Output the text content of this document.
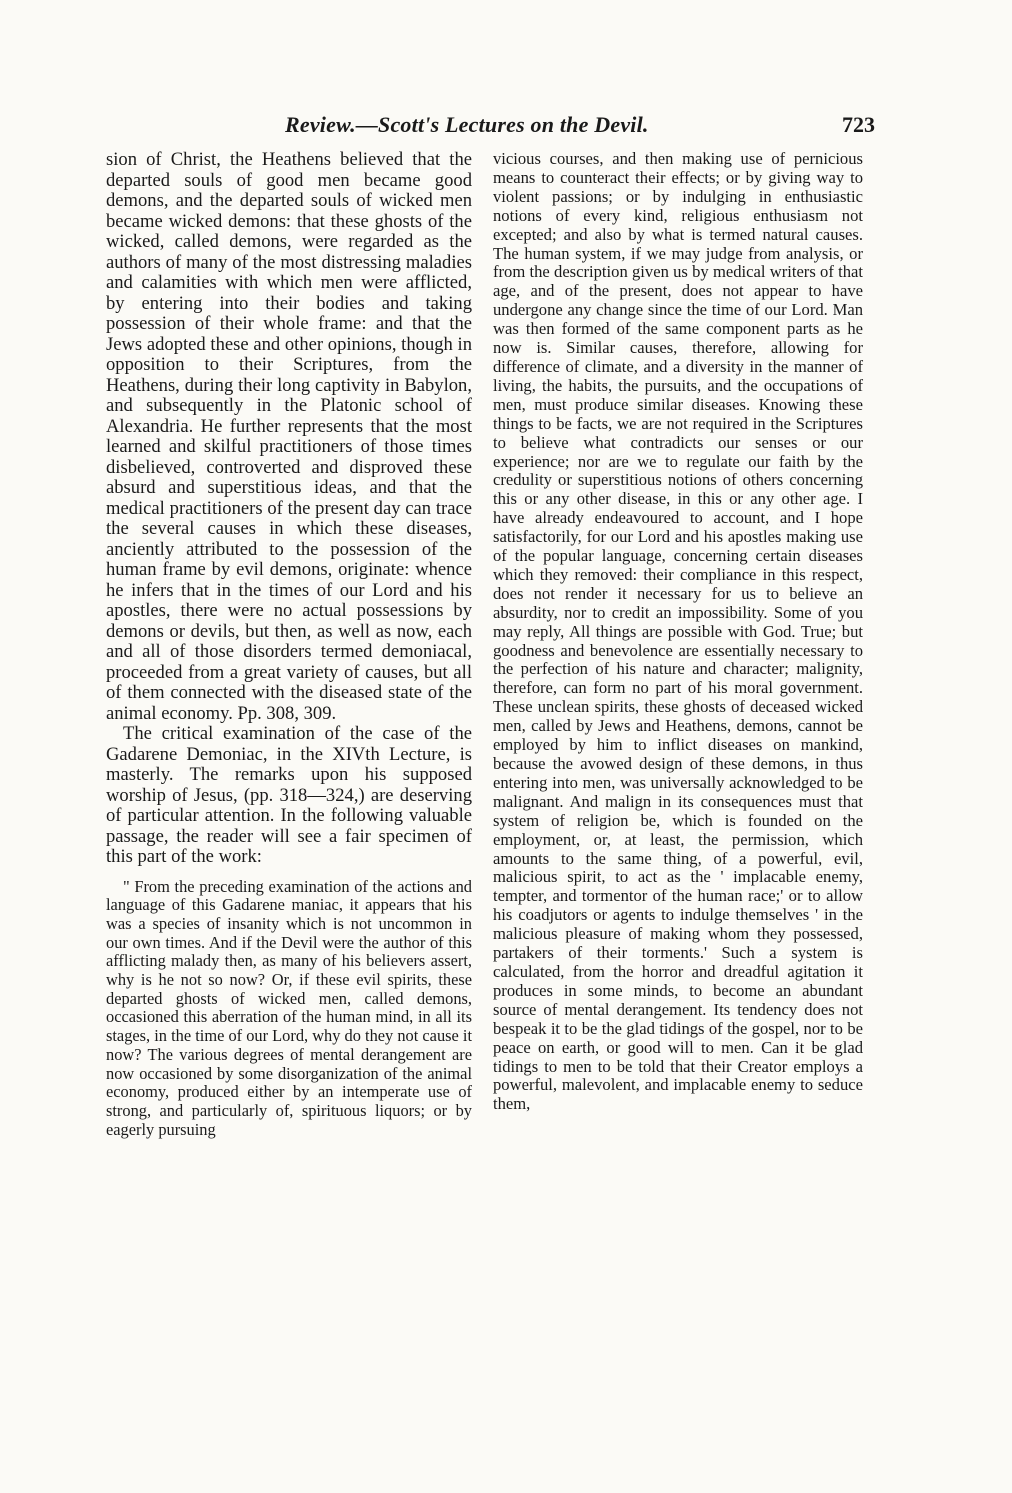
Review.—Scott's Lectures on the Devil.	723

sion of Christ, the Heathens believed that the departed souls of good men became good demons, and the departed souls of wicked men became wicked demons: that these ghosts of the wicked, called demons, were regarded as the authors of many of the most distressing maladies and calamities with which men were afflicted, by entering into their bodies and taking possession of their whole frame: and that the Jews adopted these and other opinions, though in opposition to their Scriptures, from the Heathens, during their long captivity in Babylon, and subsequently in the Platonic school of Alexandria. He further represents that the most learned and skilful practitioners of those times disbelieved, controverted and disproved these absurd and superstitious ideas, and that the medical practitioners of the present day can trace the several causes in which these diseases, anciently attributed to the possession of the human frame by evil demons, originate: whence he infers that in the times of our Lord and his apostles, there were no actual possessions by demons or devils, but then, as well as now, each and all of those disorders termed demoniacal, proceeded from a great variety of causes, but all of them connected with the diseased state of the animal economy. Pp. 308, 309.

The critical examination of the case of the Gadarene Demoniac, in the XIVth Lecture, is masterly. The remarks upon his supposed worship of Jesus, (pp. 318—324,) are deserving of particular attention. In the following valuable passage, the reader will see a fair specimen of this part of the work:

" From the preceding examination of the actions and language of this Gadarene maniac, it appears that his was a species of insanity which is not uncommon in our own times. And if the Devil were the author of this afflicting malady then, as many of his believers assert, why is he not so now? Or, if these evil spirits, these departed ghosts of wicked men, called demons, occasioned this aberration of the human mind, in all its stages, in the time of our Lord, why do they not cause it now? The various degrees of mental derangement are now occasioned by some disorganization of the animal economy, produced either by an intemperate use of strong, and particularly of, spirituous liquors; or by eagerly pursuing

vicious courses, and then making use of pernicious means to counteract their effects; or by giving way to violent passions; or by indulging in enthusiastic notions of every kind, religious enthusiasm not excepted; and also by what is termed natural causes. The human system, if we may judge from analysis, or from the description given us by medical writers of that age, and of the present, does not appear to have undergone any change since the time of our Lord. Man was then formed of the same component parts as he now is. Similar causes, therefore, allowing for difference of climate, and a diversity in the manner of living, the habits, the pursuits, and the occupations of men, must produce similar diseases. Knowing these things to be facts, we are not required in the Scriptures to believe what contradicts our senses or our experience; nor are we to regulate our faith by the credulity or superstitious notions of others concerning this or any other disease, in this or any other age. I have already endeavoured to account, and I hope satisfactorily, for our Lord and his apostles making use of the popular language, concerning certain diseases which they removed: their compliance in this respect, does not render it necessary for us to believe an absurdity, nor to credit an impossibility. Some of you may reply, All things are possible with God. True; but goodness and benevolence are essentially necessary to the perfection of his nature and character; malignity, therefore, can form no part of his moral government. These unclean spirits, these ghosts of deceased wicked men, called by Jews and Heathens, demons, cannot be employed by him to inflict diseases on mankind, because the avowed design of these demons, in thus entering into men, was universally acknowledged to be malignant. And malign in its consequences must that system of religion be, which is founded on the employment, or, at least, the permission, which amounts to the same thing, of a powerful, evil, malicious spirit, to act as the ' implacable enemy, tempter, and tormentor of the human race;' or to allow his coadjutors or agents to indulge themselves ' in the malicious pleasure of making whom they possessed, partakers of their torments.' Such a system is calculated, from the horror and dreadful agitation it produces in some minds, to become an abundant source of mental derangement. Its tendency does not bespeak it to be the glad tidings of the gospel, nor to be peace on earth, or good will to men. Can it be glad tidings to men to be told that their Creator employs a powerful, malevolent, and implacable enemy to seduce them,
